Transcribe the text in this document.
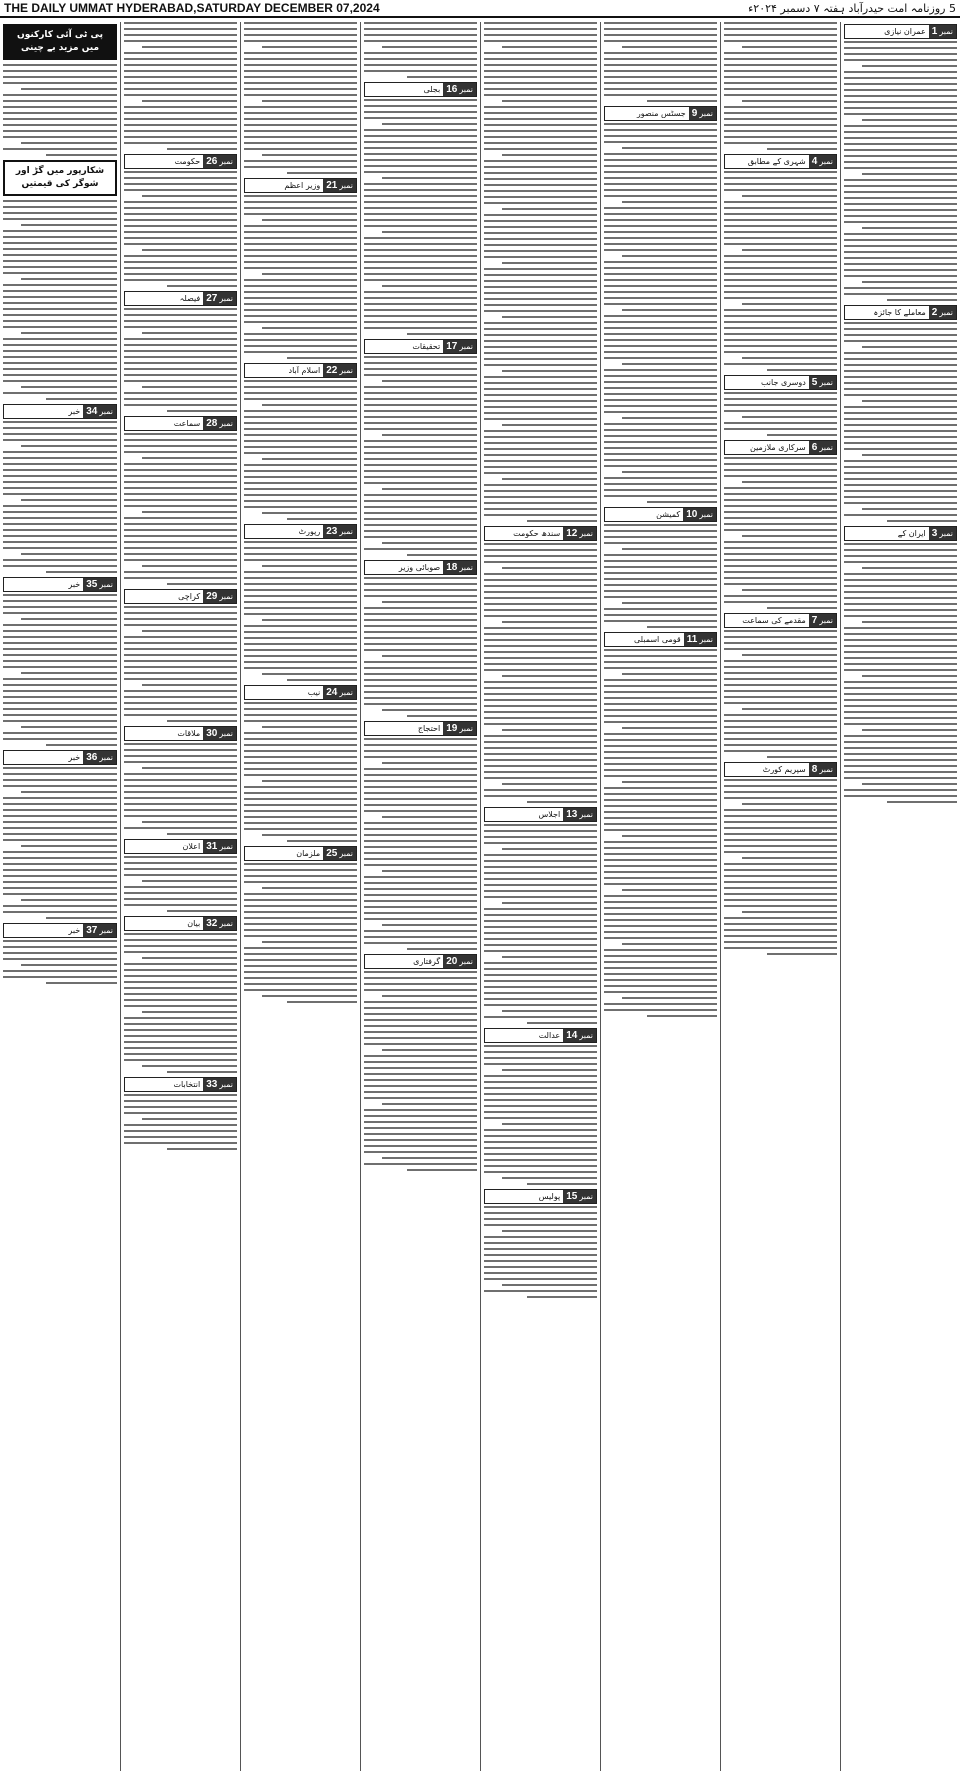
THE DAILY UMMAT HYDERABAD,SATURDAY DECEMBER 07,2024	5 روزنامہ امت حیدرآباد ہفتہ ۷ دسمبر ۲۰۲۴ء
نمبر
1
عمران نیازی
نمبر
2
معاملے کا جائزہ
نمبر
3
ایران کے
نمبر
4
شہری کے مطابق
نمبر
5
دوسری جانب
نمبر
6
سرکاری ملازمین
نمبر
7
مقدمے کی سماعت
نمبر
8
سپریم کورٹ
نمبر
9
جسٹس منصور
نمبر
10
کمیشن
نمبر
11
قومی اسمبلی
نمبر
12
سندھ حکومت
نمبر
13
اجلاس
نمبر
14
عدالت
نمبر
15
پولیس
نمبر
16
بجلی
نمبر
17
تحقیقات
نمبر
18
صوبائی وزیر
نمبر
19
احتجاج
نمبر
20
گرفتاری
نمبر
21
وزیر اعظم
نمبر
22
اسلام آباد
نمبر
23
رپورٹ
نمبر
24
نیب
نمبر
25
ملزمان
نمبر
26
حکومت
نمبر
27
فیصلہ
نمبر
28
سماعت
نمبر
29
کراچی
نمبر
30
ملاقات
نمبر
31
اعلان
نمبر
32
بیان
نمبر
33
انتخابات
پی ٹی آئی کارکنوں میں مزید بے چینی
شکارپور میں گڑ اور شوگر کی قیمتیں
نمبر
34
خبر
نمبر
35
خبر
نمبر
36
خبر
نمبر
37
خبر
